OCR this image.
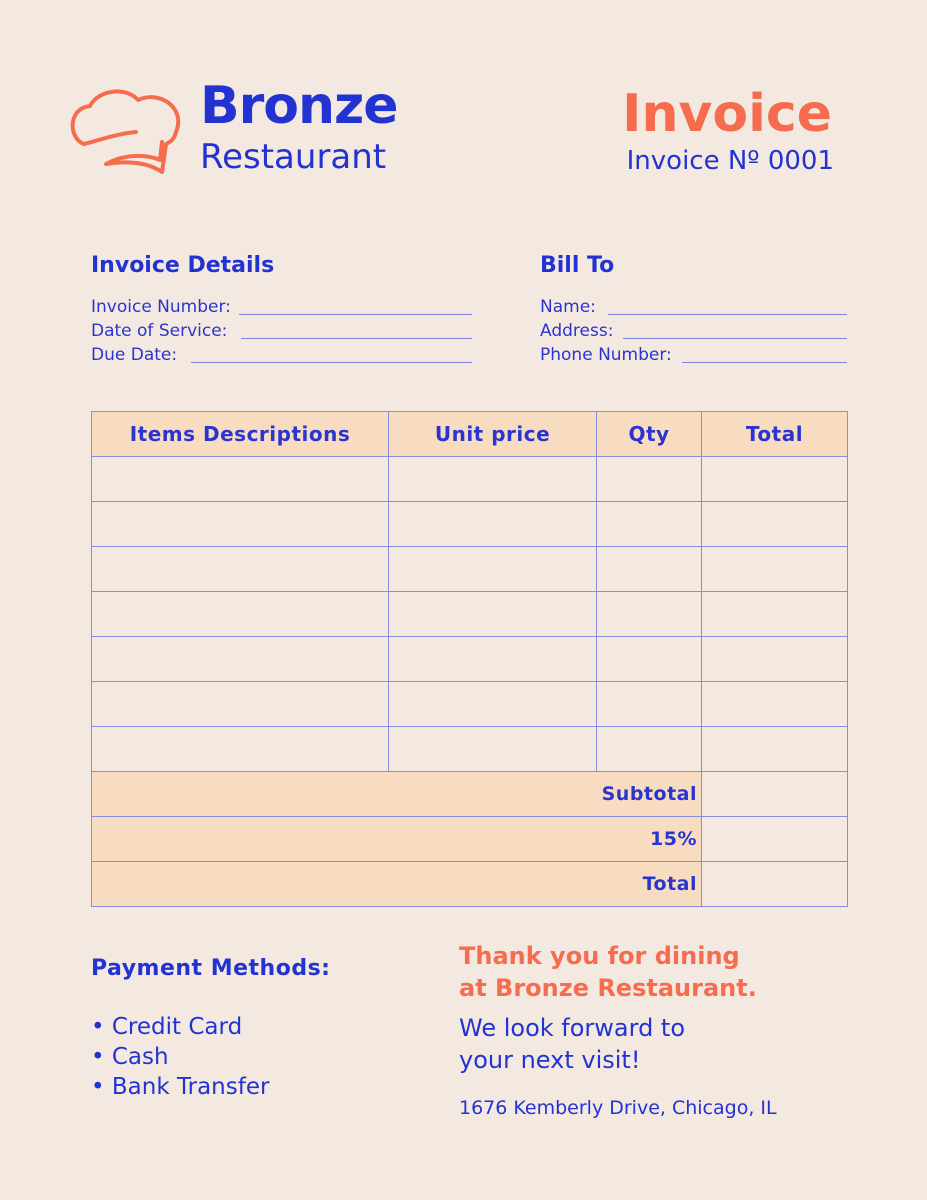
Bronze
Restaurant
Invoice
Invoice Nº 0001
Invoice Details
Invoice Number:
Date of Service:
Due Date:
Bill To
Name:
Address:
Phone Number:
Items Descriptions	Unit price	Qty	Total

Subtotal			
15%			
Total			
Payment Methods:
• Credit Card
• Cash
• Bank Transfer
Thank you for dining
at Bronze Restaurant.
We look forward to
your next visit!
1676 Kemberly Drive, Chicago, IL
